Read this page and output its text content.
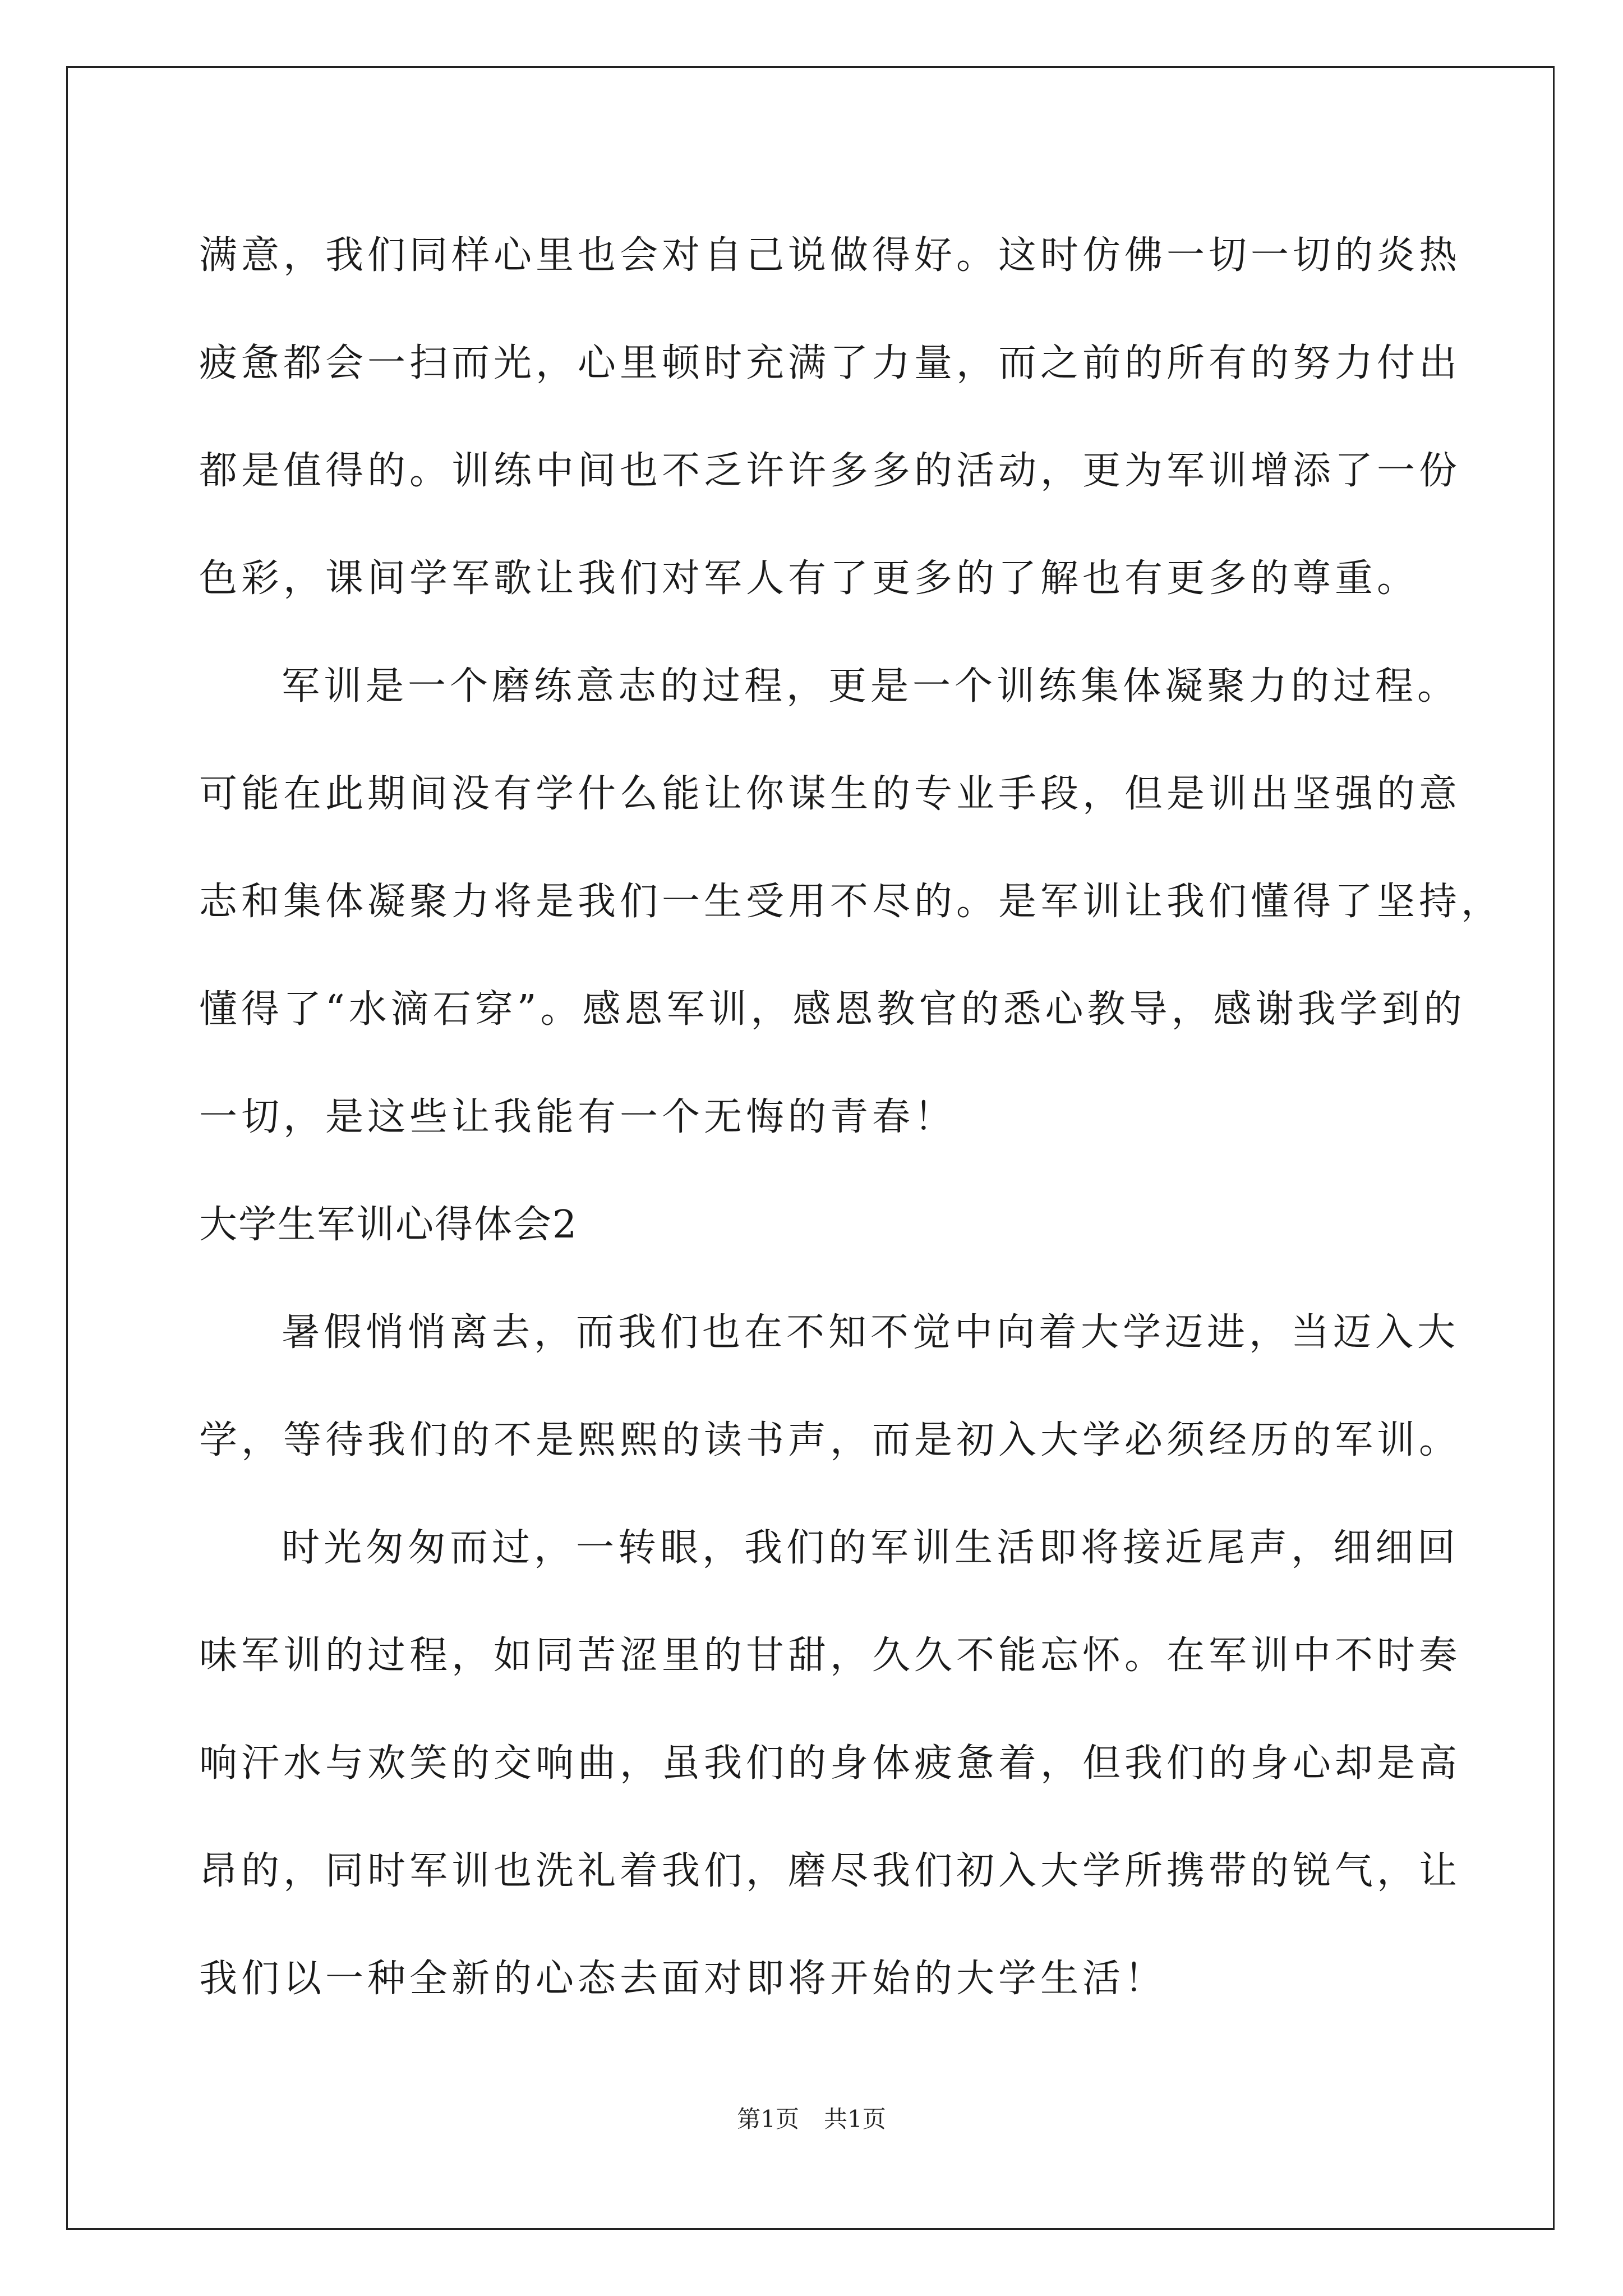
满意，我们同样心里也会对自己说做得好。这时仿佛一切一切的炎热
疲惫都会一扫而光，心里顿时充满了力量，而之前的所有的努力付出
都是值得的。训练中间也不乏许许多多的活动，更为军训增添了一份
色彩，课间学军歌让我们对军人有了更多的了解也有更多的尊重。
军训是一个磨练意志的过程，更是一个训练集体凝聚力的过程。
可能在此期间没有学什么能让你谋生的专业手段，但是训出坚强的意
志和集体凝聚力将是我们一生受用不尽的。是军训让我们懂得了坚持，
懂得了“水滴石穿”。感恩军训，感恩教官的悉心教导，感谢我学到的
一切，是这些让我能有一个无悔的青春！
大学生军训心得体会2
暑假悄悄离去，而我们也在不知不觉中向着大学迈进，当迈入大
学，等待我们的不是熙熙的读书声，而是初入大学必须经历的军训。
时光匆匆而过，一转眼，我们的军训生活即将接近尾声，细细回
味军训的过程，如同苦涩里的甘甜，久久不能忘怀。在军训中不时奏
响汗水与欢笑的交响曲，虽我们的身体疲惫着，但我们的身心却是高
昂的，同时军训也洗礼着我们，磨尽我们初入大学所携带的锐气，让
我们以一种全新的心态去面对即将开始的大学生活！
第1页 共1页
